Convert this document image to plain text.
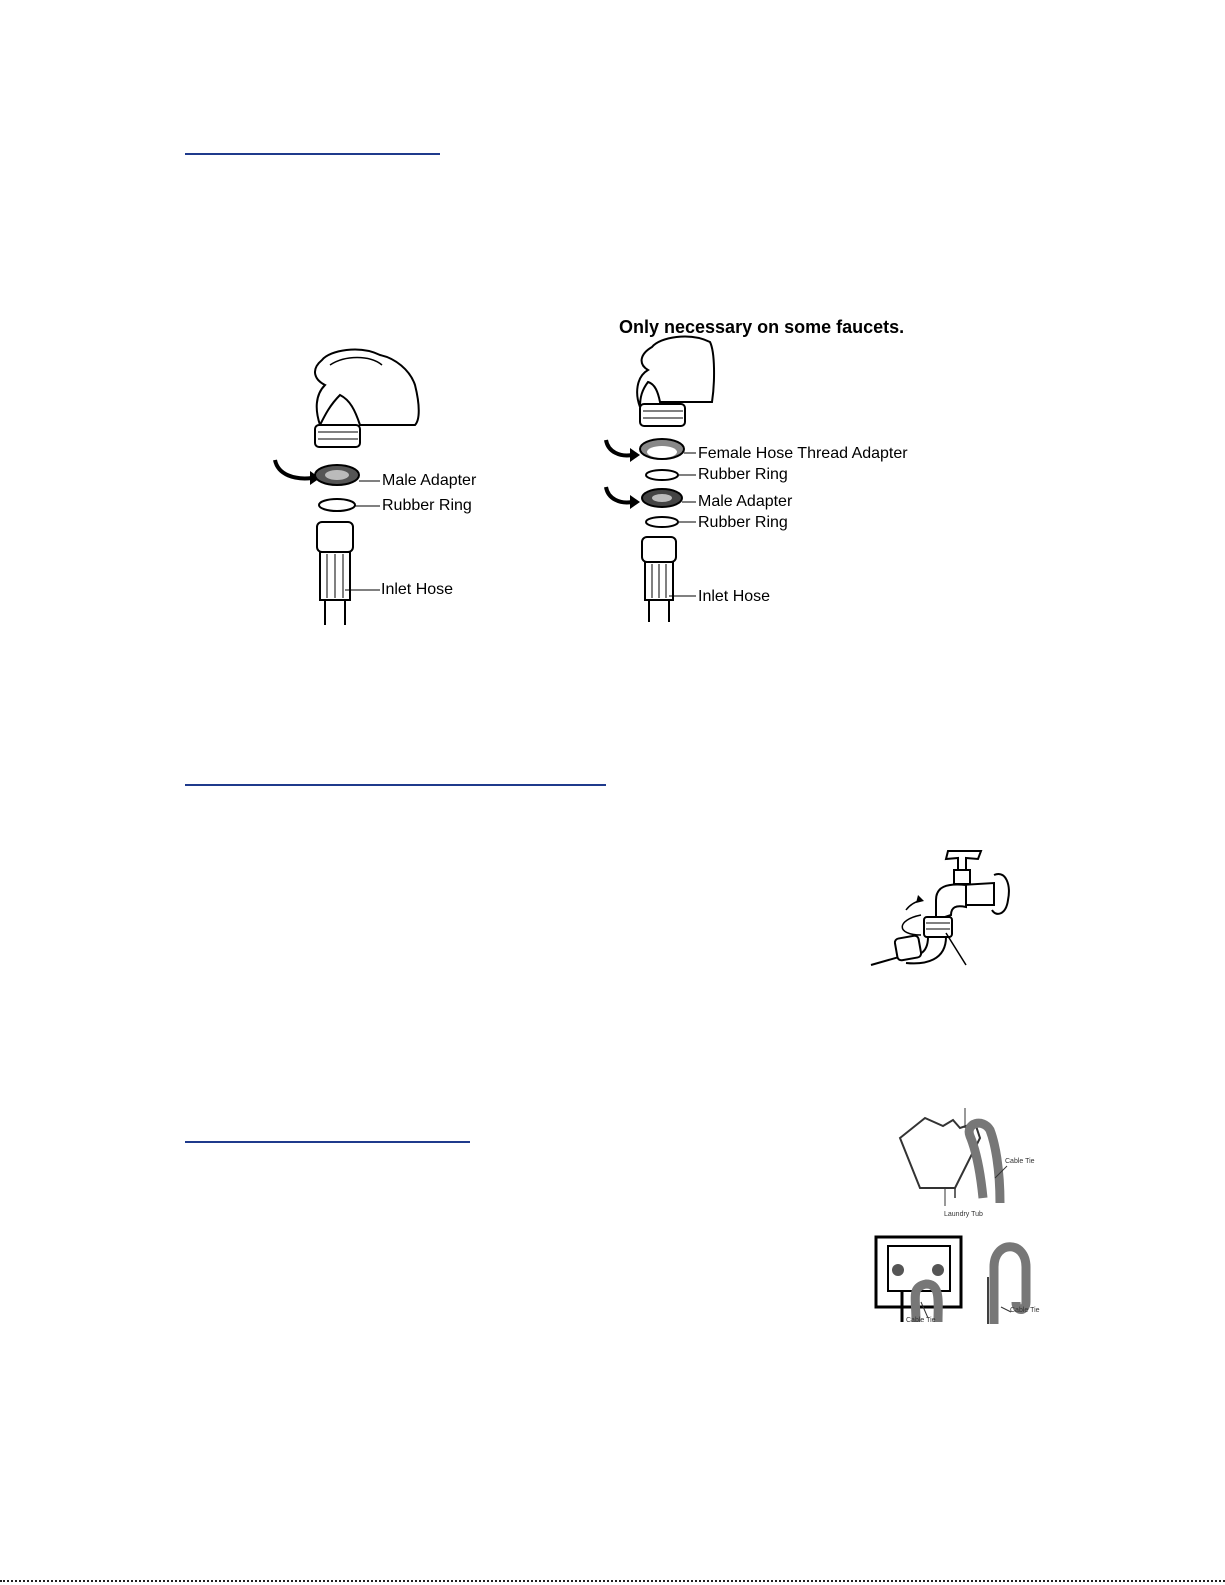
Male Adapter
Rubber Ring
Inlet Hose
Only necessary on some faucets.
Female Hose Thread Adapter
Rubber Ring
Male Adapter
Rubber Ring
Inlet Hose
Cable Tie
Laundry Tub
Cable Tie
Cable Tie
